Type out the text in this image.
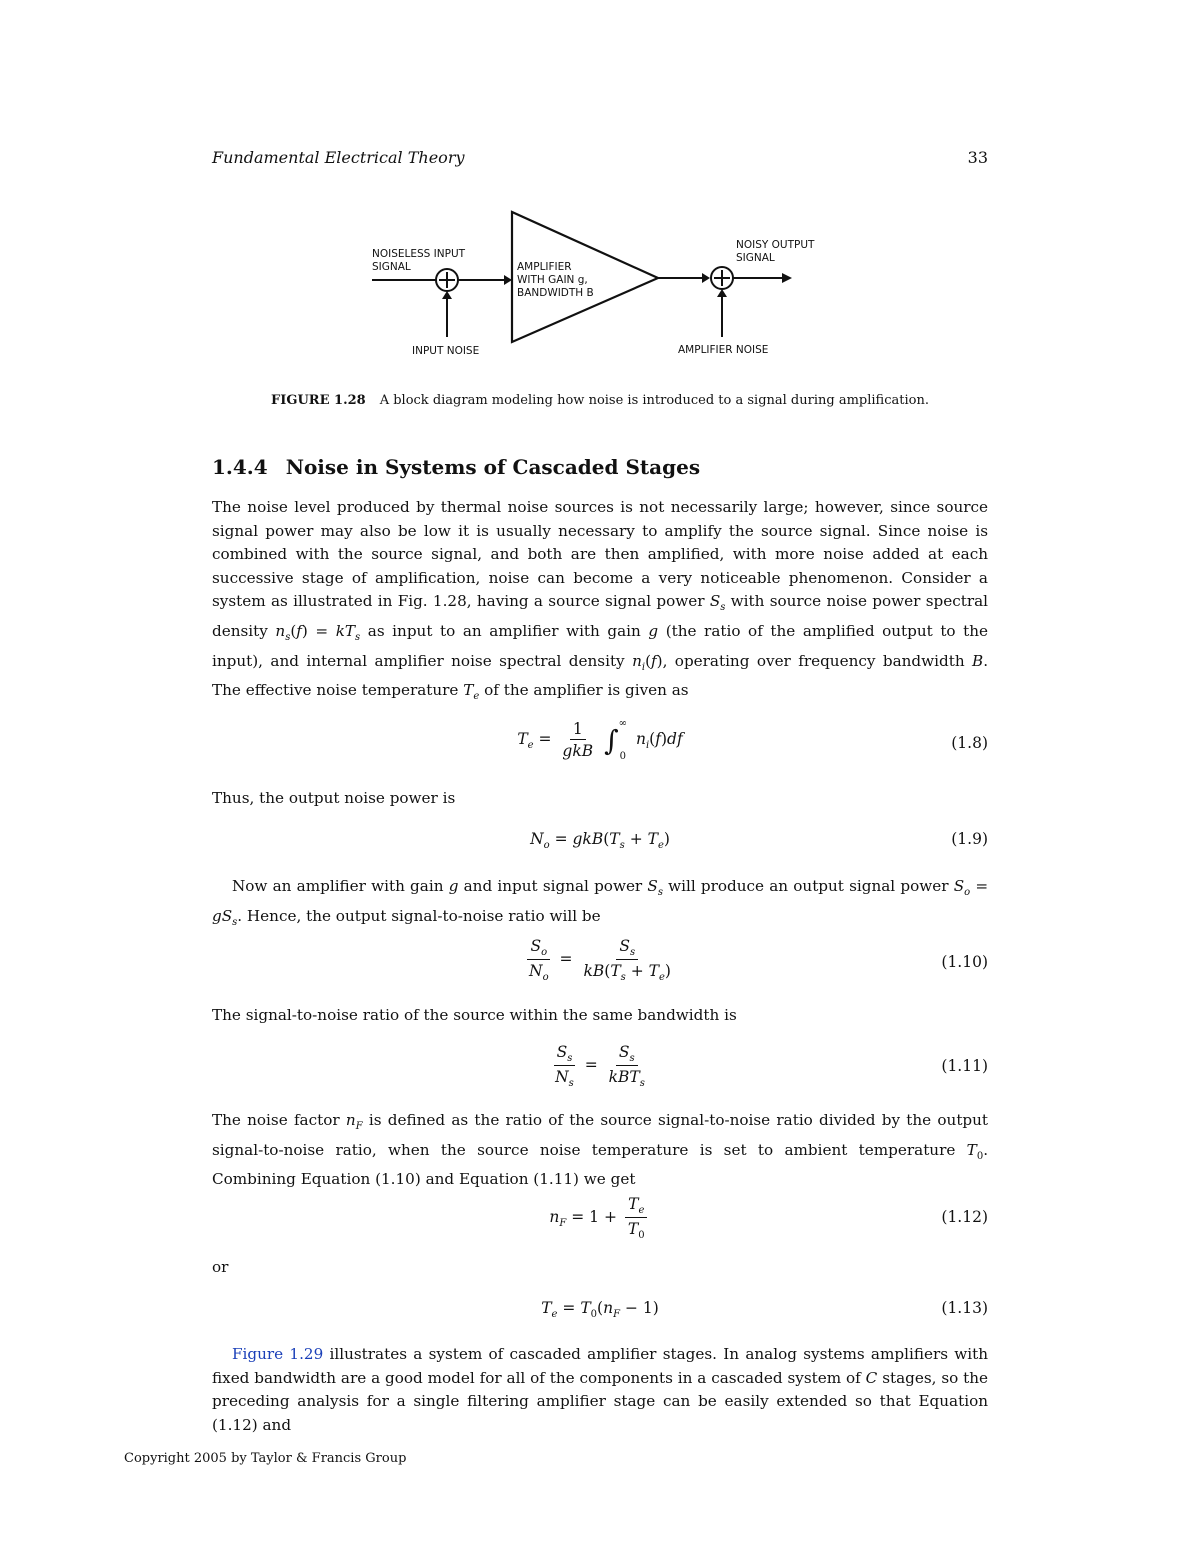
Fundamental Electrical Theory	33
NOISELESS INPUT
SIGNAL	AMPLIFIER
WITH GAIN g,
BANDWIDTH B
NOISY OUTPUT
SIGNAL
INPUT NOISE	AMPLIFIER NOISE
FIGURE 1.28 A block diagram modeling how noise is introduced to a signal during amplification.
1.4.4 Noise in Systems of Cascaded Stages

The noise level produced by thermal noise sources is not necessarily large; however, since source signal power may also be low it is usually necessary to amplify the source signal. Since noise is combined with the source signal, and both are then amplified, with more noise added at each successive stage of amplification, noise can become a very noticeable phenomenon. Consider a system as illustrated in Fig. 1.28, having a source signal power $S_s$ with source noise power spectral density $n_s(f) = kT_s$ as input to an amplifier with gain g (the ratio of the amplified output to the input), and internal amplifier noise spectral density $n_i(f)$, operating over frequency bandwidth B. The effective noise temperature $T_e$ of the amplifier is given as

$T_e = \frac{1}{\text{gkB}}$ ∫ ∞
0
$n_i(f)df$	(1.8)

Thus, the output noise power is

$N_o = gkB(T_s + T_e)$	(1.9)

Now an amplifier with gain g and input signal power $S_s$ will produce an output signal power $S_o = gS_s$. Hence, the output signal-to-noise ratio will be

$\frac{S_o}{N_o} = \frac{S_s}{kB(T_s + T_e)}$	(1.10)

The signal-to-noise ratio of the source within the same bandwidth is

$\frac{S_s}{N_s} = \frac{S_s}{kBT_s}$	(1.11)

The noise factor $n_F$ is defined as the ratio of the source signal-to-noise ratio divided by the output signal-to-noise ratio, when the source noise temperature is set to ambient temperature $T_0$. Combining Equation (1.10) and Equation (1.11) we get

$n_F = 1 + \frac{T_e}{T_0}$	(1.12)

or

$T_e = T_0(n_F - 1)$	(1.13)

Figure 1.29 illustrates a system of cascaded amplifier stages. In analog systems amplifiers with fixed bandwidth are a good model for all of the components in a cascaded system of C stages, so the preceding analysis for a single filtering amplifier stage can be easily extended so that Equation (1.12) and

Copyright 2005 by Taylor & Francis Group
